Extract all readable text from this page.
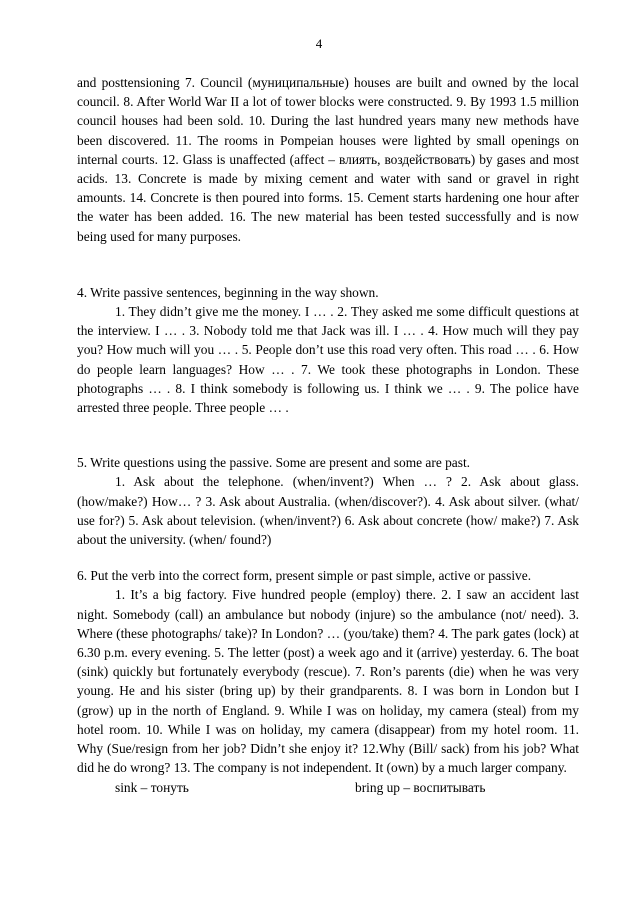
4

and posttensioning 7. Council (муниципальные) houses are built and owned by the local council. 8. After World War II a lot of tower blocks were constructed. 9. By 1993 1.5 million council houses had been sold. 10. During the last hundred years many new methods have been discovered. 11. The rooms in Pompeian houses were lighted by small openings on internal courts. 12. Glass is unaffected (affect – влиять, воздействовать) by gases and most acids. 13. Concrete is made by mixing cement and water with sand or gravel in right amounts. 14. Concrete is then poured into forms. 15. Cement starts hardening one hour after the water has been added. 16. The new material has been tested successfully and is now being used for many purposes.

4. Write passive sentences, beginning in the way shown.

1. They didn’t give me the money. I … . 2. They asked me some difficult questions at the interview. I … . 3. Nobody told me that Jack was ill. I … . 4. How much will they pay you? How much will you … . 5. People don’t use this road very often. This road … . 6. How do people learn languages? How … . 7. We took these photographs in London. These photographs … . 8. I think somebody is following us. I think we … . 9. The police have arrested three people. Three people … .

5. Write questions using the passive. Some are present and some are past.

1. Ask about the telephone. (when/invent?) When … ? 2. Ask about glass. (how/make?) How… ? 3. Ask about Australia. (when/discover?). 4. Ask about silver. (what/ use for?) 5. Ask about television. (when/invent?) 6. Ask about concrete (how/ make?) 7. Ask about the university. (when/ found?)

6. Put the verb into the correct form, present simple or past simple, active or passive.

1. It’s a big factory. Five hundred people (employ) there. 2. I saw an accident last night. Somebody (call) an ambulance but nobody (injure) so the ambulance (not/ need). 3. Where (these photographs/ take)? In London? … (you/take) them? 4. The park gates (lock) at 6.30 p.m. every evening. 5. The letter (post) a week ago and it (arrive) yesterday. 6. The boat (sink) quickly but fortunately everybody (rescue). 7. Ron’s parents (die) when he was very young. He and his sister (bring up) by their grandparents. 8. I was born in London but I (grow) up in the north of England. 9. While I was on holiday, my camera (steal) from my hotel room. 10. While I was on holiday, my camera (disappear) from my hotel room. 11. Why (Sue/resign from her job? Didn’t she enjoy it? 12.Why (Bill/ sack) from his job? What did he do wrong? 13. The company is not independent. It (own) by a much larger company.

sink – тонуть	bring up – воспитывать
